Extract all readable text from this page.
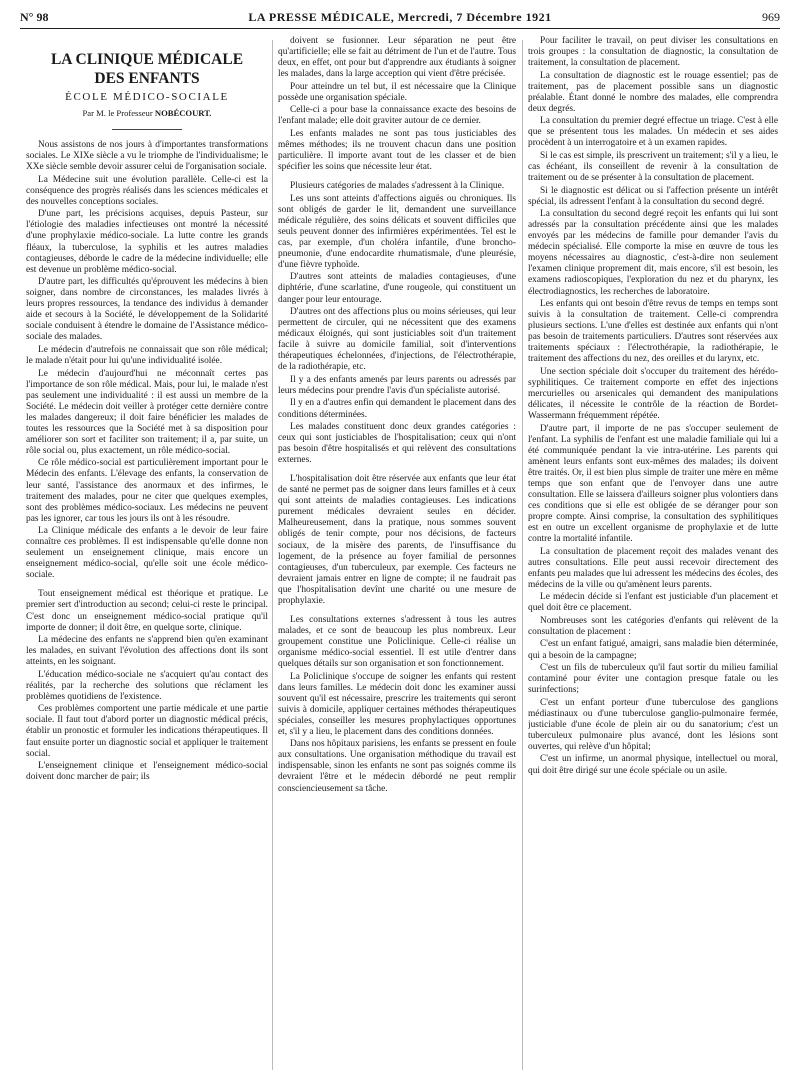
N° 98	LA PRESSE MÉDICALE, Mercredi, 7 Décembre 1921	969
LA CLINIQUE MÉDICALE
DES ENFANTS
ÉCOLE MÉDICO-SOCIALE
Par M. le Professeur NOBÉCOURT.

Nous assistons de nos jours à d'importantes transformations sociales. Le XIXe siècle a vu le triomphe de l'individualisme; le XXe siècle semble devoir assurer celui de l'organisation sociale.

La Médecine suit une évolution parallèle. Celle-ci est la conséquence des progrès réalisés dans les sciences médicales et des nouvelles conceptions sociales.

D'une part, les précisions acquises, depuis Pasteur, sur l'étiologie des maladies infectieuses ont montré la nécessité d'une prophylaxie médico-sociale. La lutte contre les grands fléaux, la tuberculose, la syphilis et les autres maladies contagieuses, déborde le cadre de la médecine individuelle; elle est devenue un problème médico-social.

D'autre part, les difficultés qu'éprouvent les médecins à bien soigner, dans nombre de circonstances, les malades livrés à leurs propres ressources, la tendance des individus à demander aide et secours à la Société, le développement de la Solidarité sociale conduisent à étendre le domaine de l'Assistance médico-sociale des malades.

Le médecin d'autrefois ne connaissait que son rôle médical; le malade n'était pour lui qu'une individualité isolée.

Le médecin d'aujourd'hui ne méconnaît certes pas l'importance de son rôle médical. Mais, pour lui, le malade n'est pas seulement une individualité : il est aussi un membre de la Société. Le médecin doit veiller à protéger cette dernière contre les malades dangereux; il doit faire bénéficier les malades de toutes les ressources que la Société met à sa disposition pour améliorer son sort et faciliter son traitement; il a, par suite, un rôle social ou, plus exactement, un rôle médico-social.

Ce rôle médico-social est particulièrement important pour le Médecin des enfants. L'élevage des enfants, la conservation de leur santé, l'assistance des anormaux et des infirmes, le traitement des malades, pour ne citer que quelques exemples, sont des problèmes médico-sociaux. Les médecins ne peuvent pas les ignorer, car tous les jours ils ont à les résoudre.

La Clinique médicale des enfants a le devoir de leur faire connaître ces problèmes. Il est indispensable qu'elle donne non seulement un enseignement clinique, mais encore un enseignement médico-social, qu'elle soit une école médico-sociale.

Tout enseignement médical est théorique et pratique. Le premier sert d'introduction au second; celui-ci reste le principal. C'est donc un enseignement médico-social pratique qu'il importe de donner; il doit être, en quelque sorte, clinique.

La médecine des enfants ne s'apprend bien qu'en examinant les malades, en suivant l'évolution des affections dont ils sont atteints, en les soignant.

L'éducation médico-sociale ne s'acquiert qu'au contact des réalités, par la recherche des solutions que réclament les problèmes quotidiens de l'existence.

Ces problèmes comportent une partie médicale et une partie sociale. Il faut tout d'abord porter un diagnostic médical précis, établir un pronostic et formuler les indications thérapeutiques. Il faut ensuite porter un diagnostic social et appliquer le traitement social.

L'enseignement clinique et l'enseignement médico-social doivent donc marcher de pair; ils

doivent se fusionner. Leur séparation ne peut être qu'artificielle; elle se fait au détriment de l'un et de l'autre. Tous deux, en effet, ont pour but d'apprendre aux étudiants à soigner les malades, dans la large acception qui vient d'être précisée.

Pour atteindre un tel but, il est nécessaire que la Clinique possède une organisation spéciale.

Celle-ci a pour base la connaissance exacte des besoins de l'enfant malade; elle doit graviter autour de ce dernier.

Les enfants malades ne sont pas tous justiciables des mêmes méthodes; ils ne trouvent chacun dans une position particulière. Il importe avant tout de les classer et de bien spécifier les soins que nécessite leur état.

Plusieurs catégories de malades s'adressent à la Clinique.

Les uns sont atteints d'affections aiguës ou chroniques. Ils sont obligés de garder le lit, demandent une surveillance médicale régulière, des soins délicats et souvent difficiles que seuls peuvent donner des infirmières expérimentées. Tel est le cas, par exemple, d'un choléra infantile, d'une broncho-pneumonie, d'une endocardite rhumatismale, d'une pleurésie, d'une fièvre typhoïde.

D'autres sont atteints de maladies contagieuses, d'une diphtérie, d'une scarlatine, d'une rougeole, qui constituent un danger pour leur entourage.

D'autres ont des affections plus ou moins sérieuses, qui leur permettent de circuler, qui ne nécessitent que des examens médicaux éloignés, qui sont justiciables soit d'un traitement facile à suivre au domicile familial, soit d'interventions thérapeutiques échelonnées, d'injections, de l'électrothérapie, de la radiothérapie, etc.

Il y a des enfants amenés par leurs parents ou adressés par leurs médecins pour prendre l'avis d'un spécialiste autorisé.

Il y en a d'autres enfin qui demandent le placement dans des conditions déterminées.

Les malades constituent donc deux grandes catégories : ceux qui sont justiciables de l'hospitalisation; ceux qui n'ont pas besoin d'être hospitalisés et qui relèvent des consultations externes.

L'hospitalisation doit être réservée aux enfants que leur état de santé ne permet pas de soigner dans leurs familles et à ceux qui sont atteints de maladies contagieuses. Les indications purement médicales devraient seules en décider. Malheureusement, dans la pratique, nous sommes souvent obligés de tenir compte, pour nos décisions, de facteurs sociaux, de la misère des parents, de l'insuffisance du logement, de la présence au foyer familial de personnes contagieuses, d'un tuberculeux, par exemple. Ces facteurs ne devraient jamais entrer en ligne de compte; il ne faudrait pas que l'hospitalisation devînt une charité ou une mesure de prophylaxie.

Les consultations externes s'adressent à tous les autres malades, et ce sont de beaucoup les plus nombreux. Leur groupement constitue une Policlinique. Celle-ci réalise un organisme médico-social essentiel. Il est utile d'entrer dans quelques détails sur son organisation et son fonctionnement.

La Policlinique s'occupe de soigner les enfants qui restent dans leurs familles. Le médecin doit donc les examiner aussi souvent qu'il est nécessaire, prescrire les traitements qui seront suivis à domicile, appliquer certaines méthodes thérapeutiques spéciales, conseiller les mesures prophylactiques opportunes et, s'il y a lieu, le placement dans des conditions données.

Dans nos hôpitaux parisiens, les enfants se pressent en foule aux consultations. Une organisation méthodique du travail est indispensable, sinon les enfants ne sont pas soignés comme ils devraient l'être et le médecin débordé ne peut remplir consciencieusement sa tâche.

Pour faciliter le travail, on peut diviser les consultations en trois groupes : la consultation de diagnostic, la consultation de traitement, la consultation de placement.

La consultation de diagnostic est le rouage essentiel; pas de traitement, pas de placement possible sans un diagnostic préalable. Étant donné le nombre des malades, elle comprendra deux degrés.

La consultation du premier degré effectue un triage. C'est à elle que se présentent tous les malades. Un médecin et ses aides procèdent à un interrogatoire et à un examen rapides.

Si le cas est simple, ils prescrivent un traitement; s'il y a lieu, le cas échéant, ils conseillent de revenir à la consultation de traitement ou de se présenter à la consultation de placement.

Si le diagnostic est délicat ou si l'affection présente un intérêt spécial, ils adressent l'enfant à la consultation du second degré.

La consultation du second degré reçoit les enfants qui lui sont adressés par la consultation précédente ainsi que les malades envoyés par les médecins de famille pour demander l'avis du médecin spécialisé. Elle comporte la mise en œuvre de tous les moyens nécessaires au diagnostic, c'est-à-dire non seulement l'examen clinique proprement dit, mais encore, s'il est besoin, les examens radioscopiques, l'exploration du nez et du pharynx, les électrodiagnostics, les recherches de laboratoire.

Les enfants qui ont besoin d'être revus de temps en temps sont suivis à la consultation de traitement. Celle-ci comprendra plusieurs sections. L'une d'elles est destinée aux enfants qui n'ont pas besoin de traitements particuliers. D'autres sont réservées aux traitements spéciaux : l'électrothérapie, la radiothérapie, le traitement des affections du nez, des oreilles et du larynx, etc.

Une section spéciale doit s'occuper du traitement des hérédo-syphilitiques. Ce traitement comporte en effet des injections mercurielles ou arsenicales qui demandent des manipulations délicates, il nécessite le contrôle de la réaction de Bordet-Wassermann fréquemment répétée.

D'autre part, il importe de ne pas s'occuper seulement de l'enfant. La syphilis de l'enfant est une maladie familiale qui lui a été communiquée pendant la vie intra-utérine. Les parents qui amènent leurs enfants sont eux-mêmes des malades; ils doivent être traités. Or, il est bien plus simple de traiter une mère en même temps que son enfant que de l'envoyer dans une autre consultation. Elle se laissera d'ailleurs soigner plus volontiers dans ces conditions que si elle est obligée de se déranger pour son propre compte. Ainsi comprise, la consultation des syphilitiques est en outre un excellent organisme de prophylaxie et de lutte contre la mortalité infantile.

La consultation de placement reçoit des malades venant des autres consultations. Elle peut aussi recevoir directement des enfants peu malades que lui adressent les médecins des écoles, des médecins de la ville ou qu'amènent leurs parents.

Le médecin décide si l'enfant est justiciable d'un placement et quel doit être ce placement.

Nombreuses sont les catégories d'enfants qui relèvent de la consultation de placement :

C'est un enfant fatigué, amaigri, sans maladie bien déterminée, qui a besoin de la campagne;

C'est un fils de tuberculeux qu'il faut sortir du milieu familial contaminé pour éviter une contagion presque fatale ou les surinfections;

C'est un enfant porteur d'une tuberculose des ganglions médiastinaux ou d'une tuberculose ganglio-pulmonaire fermée, justiciable d'une école de plein air ou du sanatorium; c'est un tuberculeux pulmonaire plus avancé, dont les lésions sont ouvertes, qui relève d'un hôpital;

C'est un infirme, un anormal physique, intellectuel ou moral, qui doit être dirigé sur une école spéciale ou un asile.
